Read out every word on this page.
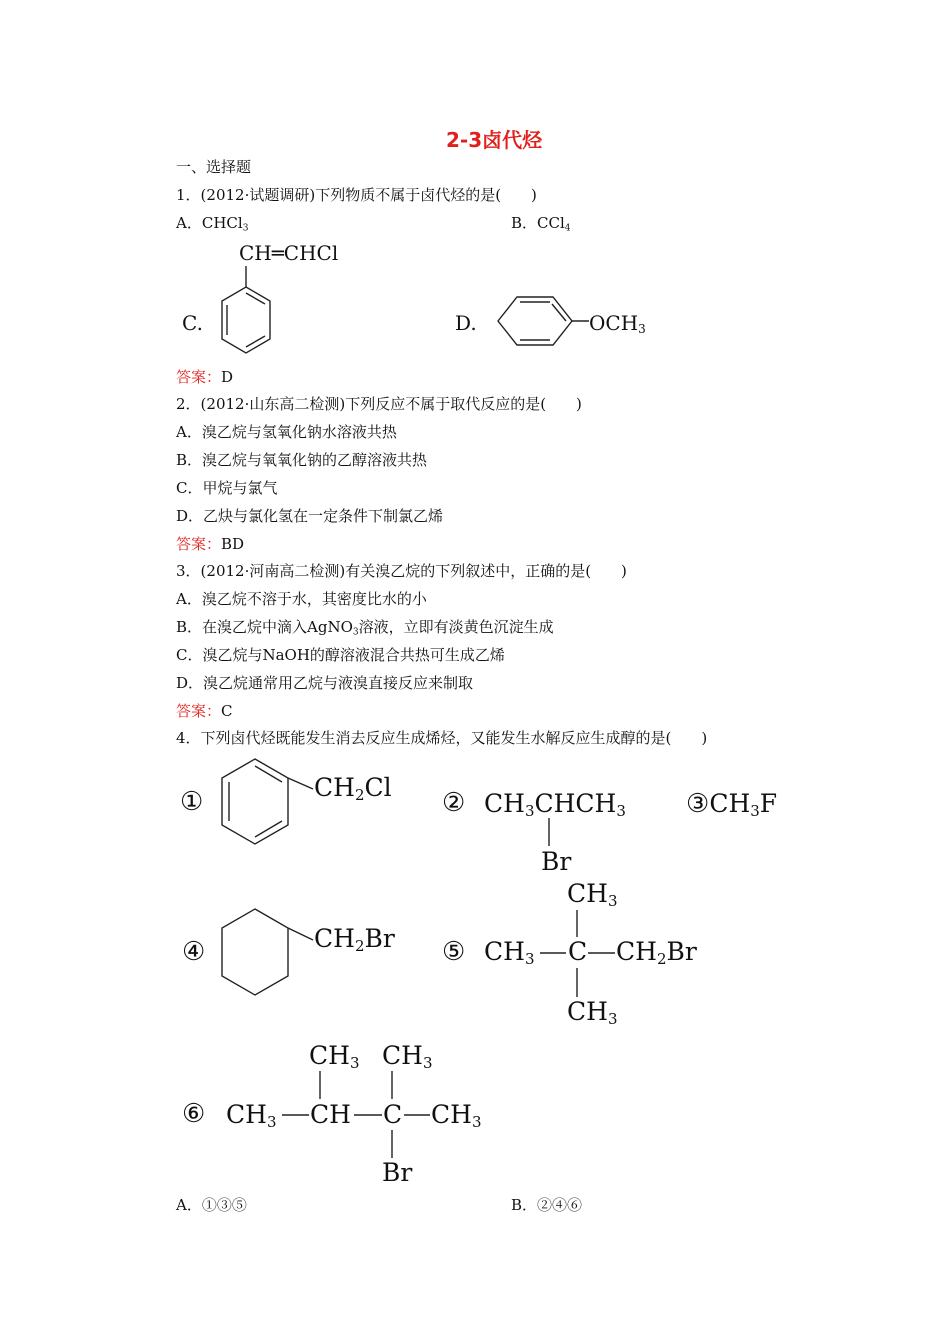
2-3卤代烃
一、选择题
1．(2012·试题调研)下列物质不属于卤代烃的是(　　)
A．CHCl$_3$	B．CCl$_4$
CH═CHCl
C.	D.	$OCH_3$
答案：D
2．(2012·山东高二检测)下列反应不属于取代反应的是(　　)
A．溴乙烷与氢氧化钠水溶液共热
B．溴乙烷与氧氧化钠的乙醇溶液共热
C．甲烷与氯气
D．乙炔与氯化氢在一定条件下制氯乙烯
答案：BD
3．(2012·河南高二检测)有关溴乙烷的下列叙述中，正确的是(　　)
A．溴乙烷不溶于水，其密度比水的小
B．在溴乙烷中滴入AgNO$_3$溶液，立即有淡黄色沉淀生成
C．溴乙烷与NaOH的醇溶液混合共热可生成乙烯
D．溴乙烷通常用乙烷与液溴直接反应来制取
答案：C
4．下列卤代烃既能发生消去反应生成烯烃，又能发生水解反应生成醇的是(　　)
①	$CH_2Cl$
② $CH_3CHCH_3$
Br
$③CH_3F$
④	$CH_2Br$ ⑤
$CH_3$
$CH_3$ C $CH_2Br$
$CH_3$
$CH_3$ $CH_3$
⑥ $CH_3$ CH C $CH_3$
Br
A．①③⑤	B．②④⑥
